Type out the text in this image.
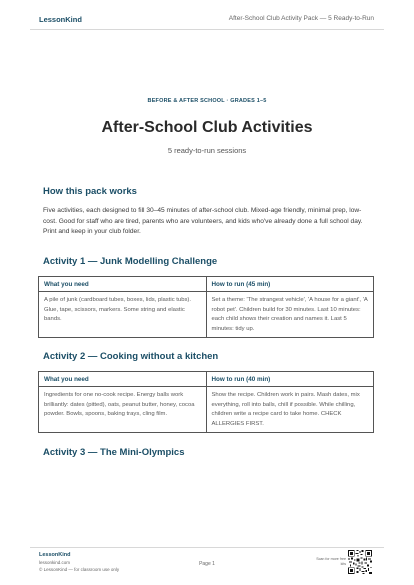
LessonKind	After-School Club Activity Pack — 5 Ready-to-Run
BEFORE & AFTER SCHOOL · GRADES 1–5
After-School Club Activities
5 ready-to-run sessions
How this pack works
Five activities, each designed to fill 30–45 minutes of after-school club. Mixed-age friendly, minimal prep, low-cost. Good for staff who are tired, parents who are volunteers, and kids who've already done a full school day. Print and keep in your club folder.
Activity 1 — Junk Modelling Challenge
What you need
A pile of junk (cardboard tubes, boxes, lids, plastic tubs). Glue, tape, scissors, markers. Some string and elastic bands.
How to run (45 min)
Set a theme: 'The strangest vehicle', 'A house for a giant', 'A robot pet'. Children build for 30 minutes. Last 10 minutes: each child shows their creation and names it. Last 5 minutes: tidy up.
Activity 2 — Cooking without a kitchen
What you need
Ingredients for one no-cook recipe. Energy balls work brilliantly: dates (pitted), oats, peanut butter, honey, cocoa powder. Bowls, spoons, baking trays, cling film.
How to run (40 min)
Show the recipe. Children work in pairs. Mash dates, mix everything, roll into balls, chill if possible. While chilling, children write a recipe card to take home. CHECK ALLERGIES FIRST.
Activity 3 — The Mini-Olympics
LessonKind
lessonkind.com
© LessonKind — for classroom use only
Page 1
Scan for more free kits
